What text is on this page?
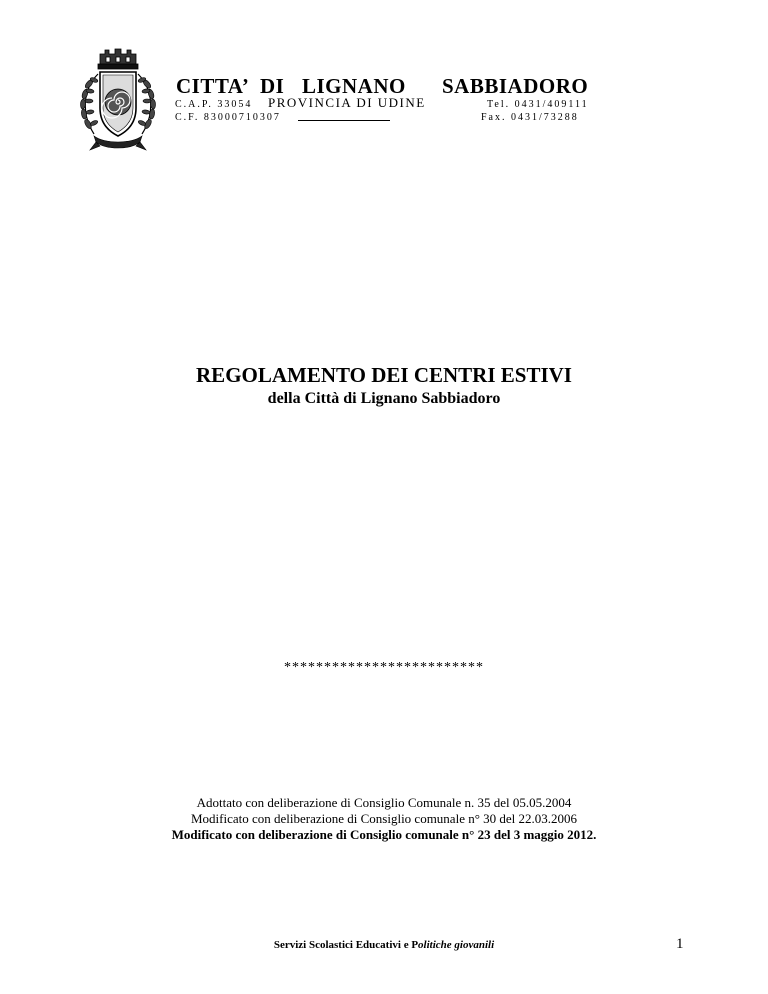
CITTA’ DI LIGNANO SABBIADORO
C.A.P. 33054 PROVINCIA DI UDINE	Tel. 0431/409111
C.F. 83000710307	Fax. 0431/73288
REGOLAMENTO DEI CENTRI ESTIVI
della Città di Lignano Sabbiadoro
*************************
Adottato con deliberazione di Consiglio Comunale n. 35 del 05.05.2004
Modificato con deliberazione di Consiglio comunale n° 30 del 22.03.2006
Modificato con deliberazione di Consiglio comunale n° 23 del 3 maggio 2012.
Servizi Scolastici Educativi e Politiche giovanili	1
